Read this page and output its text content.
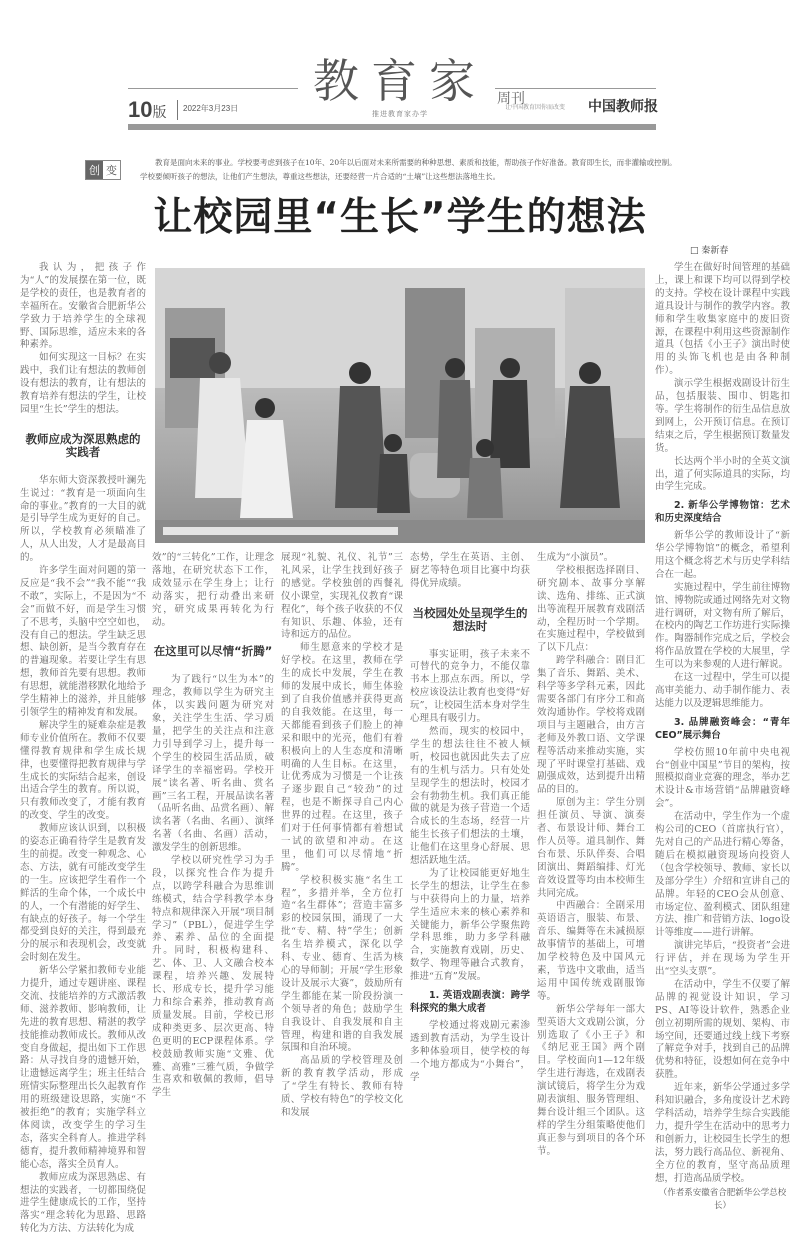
教育家 周刊
10版 2022年3月23日
推进教育家办学
让中国教育因你而改变 中国教师报
创 变
教育是面向未来的事业。学校要考虑到孩子在10年、20年以后面对未来所需要的种种思想、素质和技能，帮助孩子作好准备。教育即生长，而非灌输或控制。学校要倾听孩子的想法，让他们产生想法，尊重这些想法，还要经营一片合适的“土壤”让这些想法落地生长。
让校园里“生长”学生的想法
□ 秦新春

我认为，把孩子作为“人”的发展摆在第一位，既是学校的责任，也是教育者的幸福所在。安徽省合肥新华公学致力于培养学生的全球视野、国际思维，适应未来的各种素养。

如何实现这一目标？在实践中，我们让有想法的教师创设有想法的教育，让有想法的教育培养有想法的学生，让校园里“生长”学生的想法。

教师应成为深思熟虑的实践者

华东师大资深教授叶澜先生说过：“教育是一项面向生命的事业。”教育的一大目的就是引导学生成为更好的自己。所以，学校教育必须瞄准了人，从人出发，人才是最高目的。

许多学生面对问题的第一反应是“我不会”“我不能”“我不敢”，实际上，不是因为“不会”而做不好，而是学生习惯了不思考，头脑中空空如也，没有自己的想法。学生缺乏思想、缺创新，是当今教育存在的普遍现象。若要让学生有思想，教师首先要有思想。教师有思想，就能潜移默化地给予学生精神上的滋养，并且能够引领学生的精神发育和发展。

解决学生的疑难杂症是教师专业价值所在。教师不仅要懂得教育规律和学生成长规律，也要懂得把教育规律与学生成长的实际结合起来，创设出适合学生的教育。所以说，只有教师改变了，才能有教育的改变、学生的改变。

教师应该认识到，以积极的姿态正确看待学生是教育发生的前提。改变一种观念、心态、方法，就有可能改变学生的一生。应该把学生看作一个鲜活的生命个体，一个成长中的人，一个有潜能的好学生、有缺点的好孩子。每一个学生都受到良好的关注，得到最充分的展示和表现机会，改变就会时刻在发生。

新华公学紧扣教师专业能力提升，通过专题讲座、课程交流、技能培养的方式激活教师、滋养教师、影响教师，让先进的教育思想、精湛的教学技能推动教师成长。教师从改变自身做起，提出如下工作思路：从寻找自身的遗憾开始，让遗憾远离学生；班主任结合班情实际整理出长久起教育作用的班级建设思路，实施“不被拒绝”的教育；实施学科立体阅读，改变学生的学习生态，落实全科育人。推进学科德育，提升教师精神境界和智能心态，落实全员育人。

教师应成为深思熟虑、有想法的实践者，一切都围绕促进学生健康成长的工作，坚持落实“理念转化为思路、思路转化为方法、方法转化为成

效”的“三转化”工作，让理念落地，在研究状态下工作，成效显示在学生身上；让行动落实，把行动叠出来研究，研究成果再转化为行动。

在这里可以尽情“折腾”

为了践行“以生为本”的理念，教师以学生为研究主体，以实践问题为研究对象，关注学生生活、学习质量，把学生的关注点和注意力引导到学习上，提升每一个学生的校园生活品质，破译学生的幸福密码。学校开展“读名著、听名曲、赏名画”三名工程，开展品读名著（品听名曲、品赏名画）、解读名著（名曲、名画）、演绎名著（名曲、名画）活动，激发学生的创新思维。

学校以研究性学习为手段，以探究性合作为提升点，以跨学科融合为思维训练模式，结合学科教学本身特点和规律深入开展“项目制学习”（PBL），促进学生学养、素养、品位的全面提升。同时，积极构建科、艺、体、卫、人文融合校本课程，培养兴趣、发展特长、形成专长，提升学习能力和综合素养，推动教育高质量发展。目前，学校已形成种类更多、层次更高、特色更明的ECP课程体系。学校鼓励教师实施“文雅、优雅、高雅”三雅气质，争做学生喜欢和敬佩的教师，倡导学生

展现“礼貌、礼仪、礼节”三礼风采，让学生找到好孩子的感觉。学校独创的西餐礼仪小课堂，实现礼仪教育“课程化”，每个孩子收获的不仅有知识、乐趣、体验，还有诗和远方的品位。

师生愿意来的学校才是好学校。在这里，教师在学生的成长中发展，学生在教师的发展中成长，师生体验到了自我价值感并获得更高的自我效能。在这里，每一天都能看到孩子们脸上的神采和眼中的光亮，他们有着积极向上的人生态度和清晰明确的人生目标。在这里，让优秀成为习惯是一个让孩子逐步跟自己“较劲”的过程，也是不断探寻自己内心世界的过程。在这里，孩子们对于任何事情都有着想试一试的欲望和冲动。在这里，他们可以尽情地“折腾”。

学校积极实施“名生工程”，多措并举，全方位打造“名生群体”；营造丰富多彩的校园氛围，涌现了一大批“专、精、特”学生；创新名生培养模式，深化以学科、专业、德育、生活为核心的导师制；开展“学生形象设计及展示大赛”，鼓励所有学生都能在某一阶段扮演一个领导者的角色；鼓励学生自我设计、自我发展和自主管理，构建和谐的自我发展氛围和自治环境。

高品质的学校管理及创新的教育教学活动，形成了“学生有特长、教师有特质、学校有特色”的学校文化和发展

态势，学生在英语、主创、厨艺等特色项目比赛中均获得优异成绩。

当校园处处呈现学生的想法时

事实证明，孩子未来不可替代的竞争力，不能仅靠书本上那点东西。所以，学校应该设法让教育也变得“好玩”，让校园生活本身对学生心理具有吸引力。

然而，现实的校园中，学生的想法往往不被人倾听，校园也就因此失去了应有的生机与活力。只有处处呈现学生的想法时，校园才会有勃勃生机。我们真正能做的就是为孩子营造一个适合成长的生态场，经营一片能生长孩子们想法的土壤，让他们在这里身心舒展、思想活跃地生活。

为了让校园能更好地生长学生的想法，让学生在参与中获得向上的力量，培养学生适应未来的核心素养和关键能力，新华公学聚焦跨学科思维，助力多学科融合，实施教育戏剧，历史、数学、物理等融合式教育，推进“五育”发展。

1. 英语戏剧表演：跨学科探究的集大成者

学校通过将戏剧元素渗透到教育活动，为学生设计多种体验项目，使学校的每一个地方都成为“小舞台”，学

生成为“小演员”。

学校根据选择剧目、研究剧本、故事分享解读、选角、排练、正式演出等流程开展教育戏剧活动，全程历时一个学期。在实施过程中，学校做到了以下几点：

跨学科融合：剧目汇集了音乐、舞蹈、美术、科学等多学科元素，因此需要各部门有序分工和高效沟通协作。学校将戏剧项目与主题融合，由方言老师及外教口语、文学课程等活动来推动实施，实现了平时课堂打基础、戏剧强成效，达到提升出精品的目的。

原创为主：学生分别担任演员、导演、演奏者、布景设计师、舞台工作人员等。道具制作、舞台布景、乐队伴奏、合唱团演出、舞蹈编排、灯光音效设置等均由本校师生共同完成。

中西融合：全剧采用英语语言，服装、布景、音乐、编舞等在未减损原故事情节的基础上，可增加学校特色及中国风元素，节选中文歌曲，适当运用中国传统戏剧服饰等。

新华公学每年一部大型英语大文戏剧公演，分别选取了《小王子》和《纳尼亚王国》两个剧目。学校面向1—12年级学生进行海选，在戏剧表演试镜后，将学生分为戏剧表演组、服务管理组、舞台设计组三个团队。这样的学生分组策略使他们真正参与到项目的各个环节。

学生在做好时间管理的基础上，课上和课下均可以得到学校的支持。学校在设计课程中实践道具设计与制作的教学内容。教师和学生收集家庭中的废旧资源，在课程中利用这些资源制作道具（包括《小王子》演出时使用的头饰飞机也是由各种制作）。

演示学生根据戏剧设计衍生品，包括服装、围巾、钥匙扣等。学生将制作的衍生品信息放到网上，公开预订信息。在预订结束之后，学生根据预订数量发货。

长达两个半小时的全英文演出，道了何实际道具的实际，均由学生完成。

2. 新华公学博物馆：艺术和历史深度结合

新华公学的教师设计了“新华公学博物馆”的概念，希望利用这个概念将艺术与历史学科结合在一起。

实施过程中，学生前往博物馆、博物院或通过网络先对文物进行调研，对文物有所了解后，在校内的陶艺工作坊进行实际操作。陶器制作完成之后，学校会将作品放置在学校的大展里，学生可以为来参观的人进行解说。

在这一过程中，学生可以提高审美能力、动手制作能力、表达能力以及逻辑思维能力。

3. 品牌融资峰会：“青年CEO”展示舞台

学校仿照10年前中央电视台“创业中国星”节目的架构，按照模拟商业竞赛的理念，举办艺术设计&市场营销“品牌融资峰会”。

在活动中，学生作为一个虚构公司的CEO（首席执行官），先对自己的产品进行精心筹备，随后在模拟融资现场向投资人（包含学校领导、教师、家长以及部分学生）介绍和宣讲自己的品牌。年轻的CEO会从创意、市场定位、盈利模式、团队组建方法、推广和营销方法、logo设计等维度——进行讲解。

演讲完毕后，“投资者”会进行评估，并在现场为学生开出“空头支票”。

在活动中，学生不仅要了解品牌的视觉设计知识，学习PS、AI等设计软件，熟悉企业创立初期所需的规划、架构、市场空间，还要通过线上线下考察了解竞争对手，找到自己的品牌优势和特征，设想如何在竞争中获胜。

近年来，新华公学通过多学科知识融合，多角度设计艺术跨学科活动，培养学生综合实践能力，提升学生在活动中的思考力和创新力，让校园生长学生的想法，努力践行高品位、新视角、全方位的教育，坚守高品质理想，打造高品质学校。

（作者系安徽省合肥新华公学总校长）
